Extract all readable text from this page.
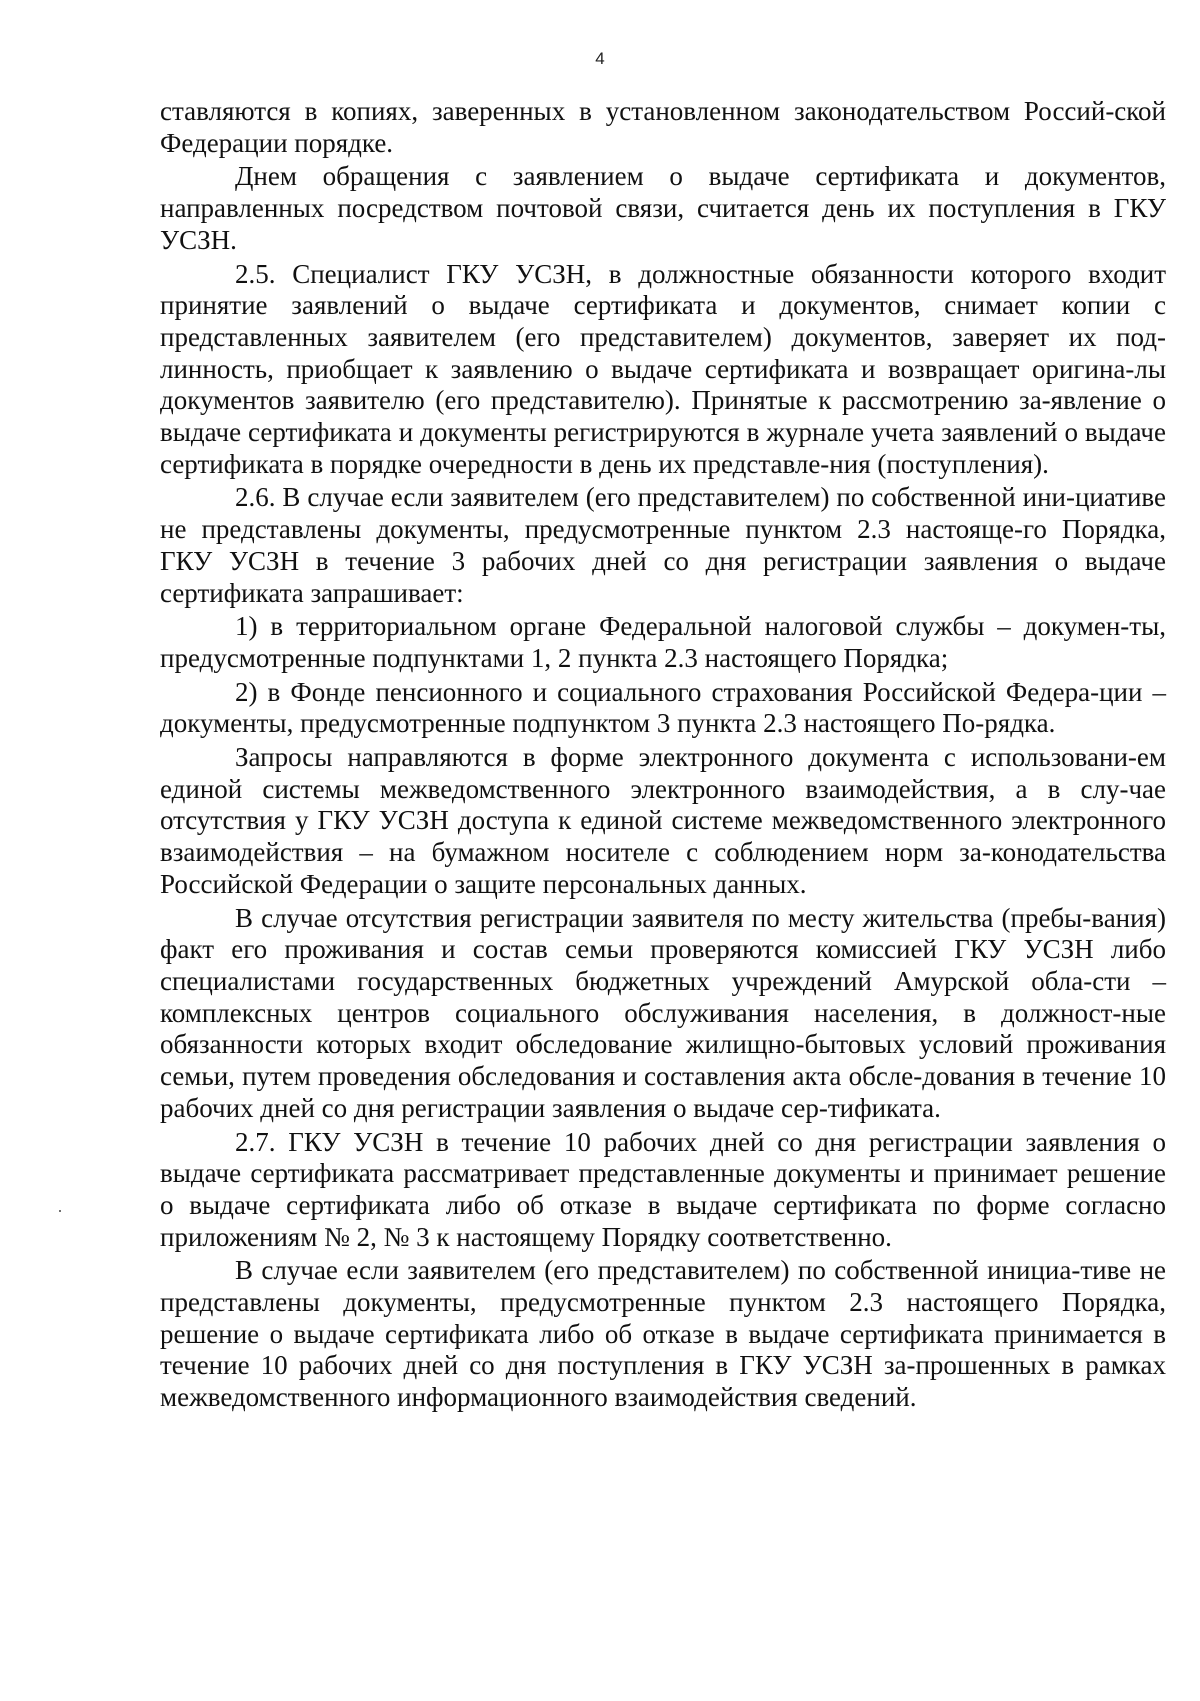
4

ставляются в копиях, заверенных в установленном законодательством Россий-ской Федерации порядке.

Днем обращения с заявлением о выдаче сертификата и документов, направленных посредством почтовой связи, считается день их поступления в ГКУ УСЗН.

2.5. Специалист ГКУ УСЗН, в должностные обязанности которого входит принятие заявлений о выдаче сертификата и документов, снимает копии с представленных заявителем (его представителем) документов, заверяет их под-линность, приобщает к заявлению о выдаче сертификата и возвращает оригина-лы документов заявителю (его представителю). Принятые к рассмотрению за-явление о выдаче сертификата и документы регистрируются в журнале учета заявлений о выдаче сертификата в порядке очередности в день их представле-ния (поступления).

2.6. В случае если заявителем (его представителем) по собственной ини-циативе не представлены документы, предусмотренные пунктом 2.3 настояще-го Порядка, ГКУ УСЗН в течение 3 рабочих дней со дня регистрации заявления о выдаче сертификата запрашивает:

1) в территориальном органе Федеральной налоговой службы – докумен-ты, предусмотренные подпунктами 1, 2 пункта 2.3 настоящего Порядка;

2) в Фонде пенсионного и социального страхования Российской Федера-ции – документы, предусмотренные подпунктом 3 пункта 2.3 настоящего По-рядка.

Запросы направляются в форме электронного документа с использовани-ем единой системы межведомственного электронного взаимодействия, а в слу-чае отсутствия у ГКУ УСЗН доступа к единой системе межведомственного электронного взаимодействия – на бумажном носителе с соблюдением норм за-конодательства Российской Федерации о защите персональных данных.

В случае отсутствия регистрации заявителя по месту жительства (пребы-вания) факт его проживания и состав семьи проверяются комиссией ГКУ УСЗН либо специалистами государственных бюджетных учреждений Амурской обла-сти – комплексных центров социального обслуживания населения, в должност-ные обязанности которых входит обследование жилищно-бытовых условий проживания семьи, путем проведения обследования и составления акта обсле-дования в течение 10 рабочих дней со дня регистрации заявления о выдаче сер-тификата.

2.7. ГКУ УСЗН в течение 10 рабочих дней со дня регистрации заявления о выдаче сертификата рассматривает представленные документы и принимает решение о выдаче сертификата либо об отказе в выдаче сертификата по форме согласно приложениям № 2, № 3 к настоящему Порядку соответственно.

В случае если заявителем (его представителем) по собственной инициа-тиве не представлены документы, предусмотренные пунктом 2.3 настоящего Порядка, решение о выдаче сертификата либо об отказе в выдаче сертификата принимается в течение 10 рабочих дней со дня поступления в ГКУ УСЗН за-прошенных в рамках межведомственного информационного взаимодействия сведений.
